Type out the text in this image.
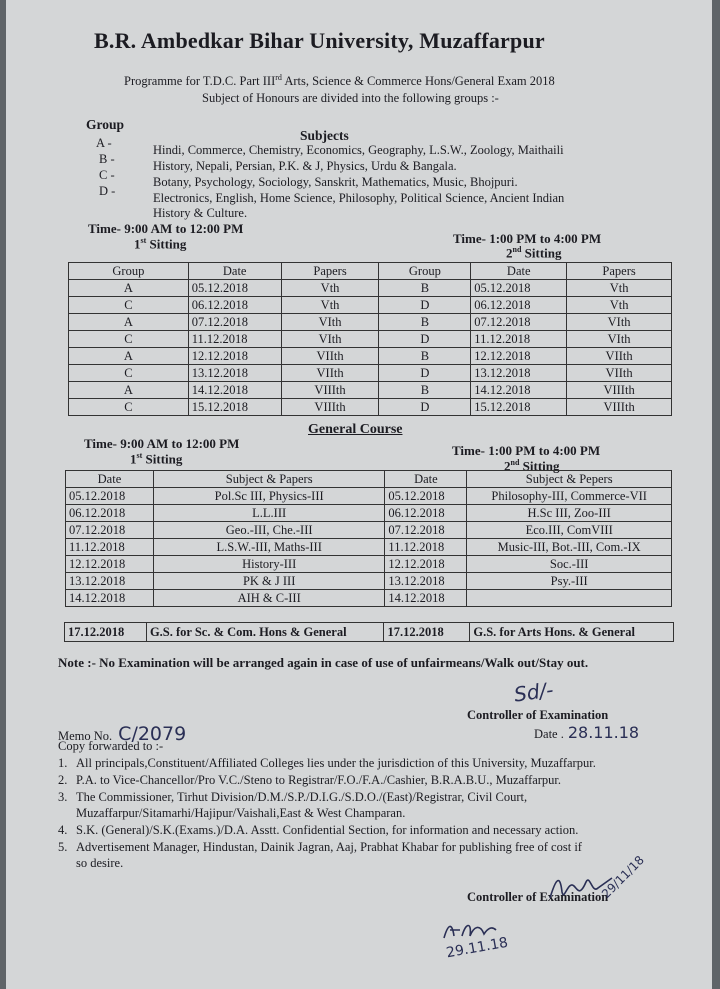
B.R. Ambedkar Bihar University, Muzaffarpur
Programme for T.D.C. Part IIIrd Arts, Science & Commerce Hons/General Exam 2018
Subject of Honours are divided into the following groups :-
Group
Subjects
A -	Hindi, Commerce, Chemistry, Economics, Geography, L.S.W., Zoology, Maithaili
B -	History, Nepali, Persian, P.K. & J, Physics, Urdu & Bangala.
C -	Botany, Psychology, Sociology, Sanskrit, Mathematics, Music, Bhojpuri.
D -	Electronics, English, Home Science, Philosophy, Political Science, Ancient Indian
History & Culture.
Time- 9:00 AM to 12:00 PM
1st Sitting	Time- 1:00 PM to 4:00 PM
2nd Sitting
Group	Date	Papers	Group	Date	Papers
A	05.12.2018	Vth	B	05.12.2018	Vth
C	06.12.2018	Vth	D	06.12.2018	Vth
A	07.12.2018	VIth	B	07.12.2018	VIth
C	11.12.2018	VIth	D	11.12.2018	VIth
A	12.12.2018	VIIth	B	12.12.2018	VIIth
C	13.12.2018	VIIth	D	13.12.2018	VIIth
A	14.12.2018	VIIIth	B	14.12.2018	VIIIth
C	15.12.2018	VIIIth	D	15.12.2018	VIIIth
General Course
Time- 9:00 AM to 12:00 PM
1st Sitting
Time- 1:00 PM to 4:00 PM
2nd Sitting
Date	Subject & Papers	Date	Subject & Pepers
05.12.2018	Pol.Sc III, Physics-III	05.12.2018	Philosophy-III, Commerce-VII
06.12.2018	L.L.III	06.12.2018	H.Sc III, Zoo-III
07.12.2018	Geo.-III, Che.-III	07.12.2018	Eco.III, ComVIII
11.12.2018	L.S.W.-III, Maths-III	11.12.2018	Music-III, Bot.-III, Com.-IX
12.12.2018	History-III	12.12.2018	Soc.-III
13.12.2018	PK & J III	13.12.2018	Psy.-III
14.12.2018	AIH & C-III	14.12.2018	
17.12.2018	G.S. for Sc. & Com. Hons & General	17.12.2018	G.S. for Arts Hons. & General
Note :- No Examination will be arranged again in case of use of unfairmeans/Walk out/Stay out.
Sd/-
Controller of Examination
Date . 28.11.18
Memo No. C/2079
Copy forwarded to :-
1. All principals,Constituent/Affiliated Colleges lies under the jurisdiction of this University, Muzaffarpur.
2. P.A. to Vice-Chancellor/Pro V.C./Steno to Registrar/F.O./F.A./Cashier, B.R.A.B.U., Muzaffarpur.
3. The Commissioner, Tirhut Division/D.M./S.P./D.I.G./S.D.O./(East)/Registrar, Civil Court,
Muzaffarpur/Sitamarhi/Hajipur/Vaishali,East & West Champaran.
4. S.K. (General)/S.K.(Exams.)/D.A. Asstt. Confidential Section, for information and necessary action.
5. Advertisement Manager, Hindustan, Dainik Jagran, Aaj, Prabhat Khabar for publishing free of cost if
so desire.
Controller of Examination
29/11/18
29.11.18
